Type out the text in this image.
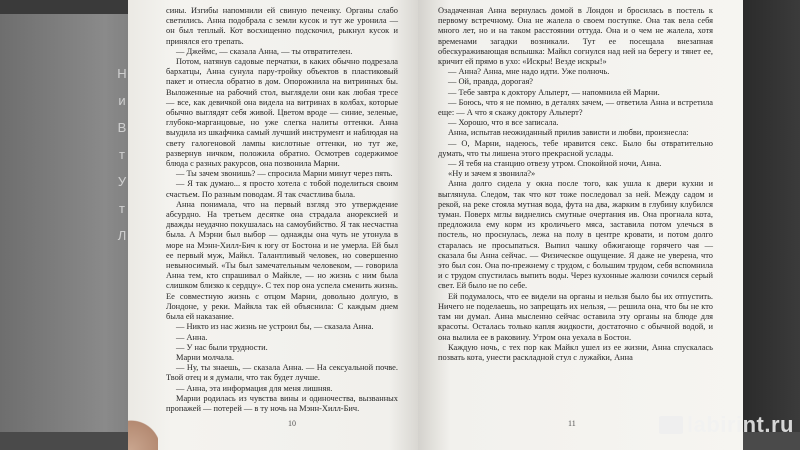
Н
и
В
т
У
т
Л

сины. Изгибы напомнили ей свиную печенку. Органы слабо светились. Анна подобрала с земли кусок и тут же уронила — он был теплый. Кот восхищенно подскочил, рыкнул кусок и принялся его трепать.

— Джеймс, — сказала Анна, — ты отвратителен.

Потом, натянув садовые перчатки, в каких обычно подрезала бархатцы, Анна сунула пару-тройку объектов в пластиковый пакет и отнесла обратно в дом. Опорожнила на витринных бы. Выложенные на рабочий стол, выглядели они как любая тресе — все, как девичкой она видела на витринах в колбах, которые обычно выглядят себя живой. Цветом вроде — синие, зеленые, глубоко-марганцовые, но уже слегка налиты оттенки. Анна выудила из шкафчика самый лучший инструмент и наблюдая на свету галогеновой лампы кислотные оттенки, но тут же, развернув ничком, положила обратно. Осмотрев содержимое блюда с разных ракурсов, она позвонила Марни.

— Ты зачем звонишь? — спросила Марни минут через пять.

— Я так думаю... я просто хотела с тобой поделиться своим счастьем. По разным поводам. Я так счастлива была.

Анна понимала, что на первый взгляд это утверждение абсурдно. На третьем десятке она страдала анорексией и дважды неудачно покушалась на самоубийство. Я так несчастна была. А Мэрни был выбор — однажды она чуть не утонула в море на Мэнн-Хилл-Бич к югу от Бостона и не умерла. Ей был ее первый муж, Майкл. Талантливый человек, но совершенно невыносимый. «Ты был замечательным человеком, — говорила Анна тем, кто спрашивал о Майкле, — но жизнь с ним была слишком близко к сердцу». С тех пор она успела сменить жизнь. Ее совместную жизнь с отцом Марни, довольно долгую, в Лондоне, у реки. Майкла так ей объяснила: С каждым днем была ей наказание.

— Никто из нас жизнь не устроил бы, — сказала Анна.

— Анна.

— У нас были трудности.

Марни молчала.

— Ну, ты знаешь, — сказала Анна. — На сексуальной почве. Твой отец и я думали, что так будет лучше.

— Анна, эта информация для меня лишняя.

Марни родилась из чувства вины и одиночества, вызванных пропажей — потерей — в ту ночь на Мэнн-Хилл-Бич.

10

Озадаченная Анна вернулась домой в Лондон и бросилась в постель к первому встречному. Она не жалела о своем поступке. Она так вела себя много лет, но и на таком расстоянии оттуда. Она и о чем не жалела, хотя временами загадки возникали. Тут ее посещала внезапная обескураживающая вспышка: Майкл согнулся над ней на берегу и тянет ее, кричит ей прямо в ухо: «Искры! Везде искры!»

— Анна? Анна, мне надо идти. Уже полночь.

— Ой, правда, дорогая?

— Тебе завтра к доктору Альперт, — напомнила ей Марни.

— Боюсь, что я не помню, в деталях зачем, — ответила Анна и встретила еще: — А что я скажу доктору Альперт?

— Хорошо, что я все записала.

Анна, испытав неожиданный прилив зависти и любви, произнесла:

— О, Марни, надеюсь, тебе нравится секс. Было бы отвратительно думать, что ты лишена этого прекрасной услады.

— Я тебя на станцию отвезу утром. Спокойной ночи, Анна.

«Ну и зачем я звонила?»

Анна долго сидела у окна после того, как ушла к двери кухни и выглянула. Следом, так что кот тоже последовал за ней. Между садом и рекой, на реке стояла мутная вода, фута на два, жарким в глубину клубился туман. Поверх мглы виднелись смутные очертания ив. Она прогнала кота, предложила ему корм из кроличьего мяса, заставила потом улечься в постель, но проснулась, лежа на полу в центре кровати, и потом долго старалась не просыпаться. Выпил чашку обжигающе горячего чая — сказала бы Анна сейчас. — Физическое ощущение. Я даже не уверена, что это был сон. Она по-прежнему с трудом, с большим трудом, себя вспомнила и с трудом спустилась выпить воды. Через кухонные жалюзи сочился серый свет. Ей было не по себе.

Ей подумалось, что ее видели на органы и нельзя было бы их отпустить. Ничего не поделаешь, но запрещать их нельзя, — решила она, что бы не кто там ни думал. Анна мысленно сейчас оставила эту органы на блюде для красоты. Осталась только капля жидкости, достаточно с обычной водой, и она вылила ее в раковину. Утром она уехала в Бостон.

Каждую ночь, с тех пор как Майкл ушел из ее жизни, Анна спускалась позвать кота, унести раскладной стул с лужайки, Анна

11	labirint.ru
